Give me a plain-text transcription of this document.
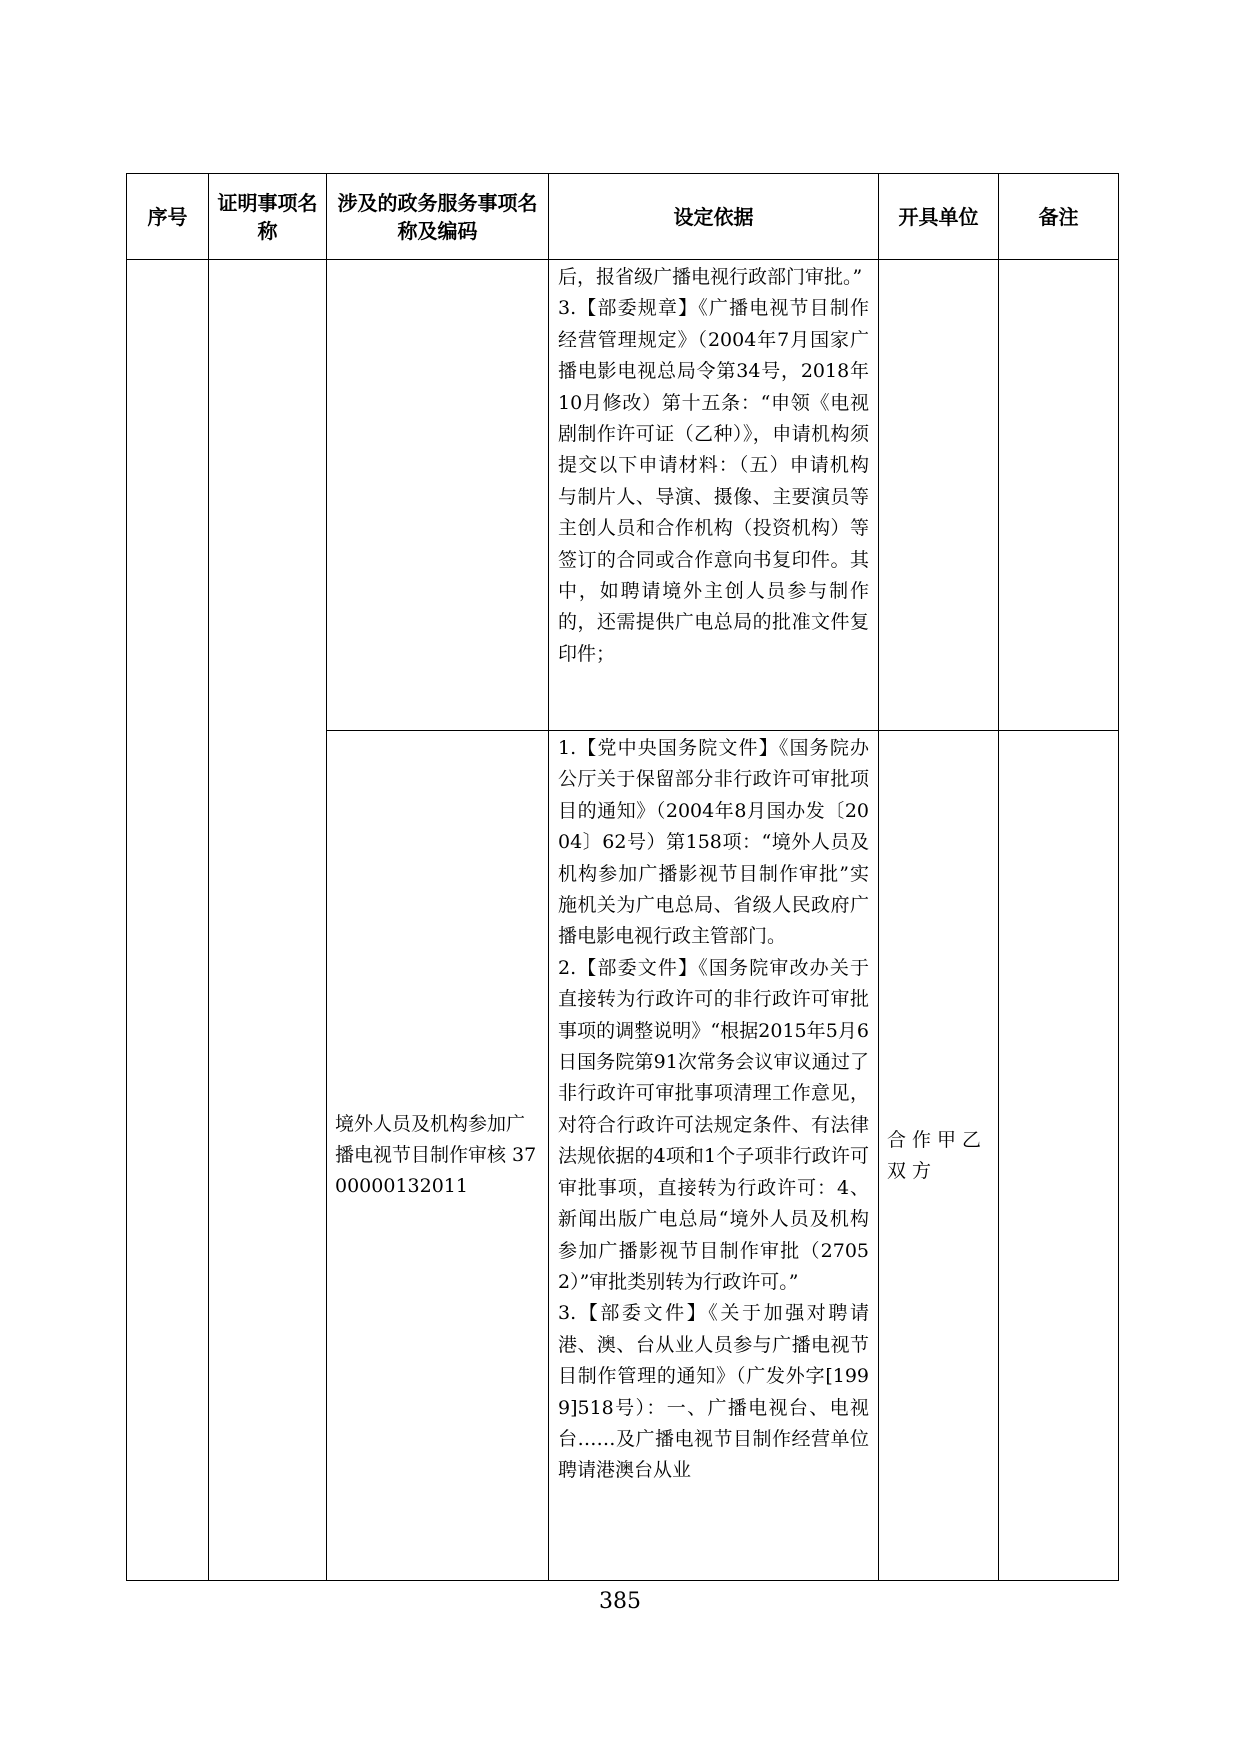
序号	证明事项名称	涉及的政务服务事项名称及编码	设定依据	开具单位	备注

			后，报省级广播电视行政部门审批。”
3.【部委规章】《广播电视节目制作经营管理规定》（2004年7月国家广播电影电视总局令第34号，2018年10月修改）第十五条：“申领《电视剧制作许可证（乙种）》，申请机构须提交以下申请材料：（五）申请机构与制片人、导演、摄像、主要演员等主创人员和合作机构（投资机构）等签订的合同或合作意向书复印件。其中，如聘请境外主创人员参与制作的，还需提供广电总局的批准文件复印件；		
		境外人员及机构参加广播电视节目制作审核 3700000132011	1.【党中央国务院文件】《国务院办公厅关于保留部分非行政许可审批项目的通知》（2004年8月国办发〔2004〕62号）第158项：“境外人员及机构参加广播影视节目制作审批”实施机关为广电总局、省级人民政府广播电影电视行政主管部门。
2.【部委文件】《国务院审改办关于直接转为行政许可的非行政许可审批事项的调整说明》“根据2015年5月6日国务院第91次常务会议审议通过了非行政许可审批事项清理工作意见，对符合行政许可法规定条件、有法律法规依据的4项和1个子项非行政许可审批事项，直接转为行政许可：4、新闻出版广电总局“境外人员及机构参加广播影视节目制作审批（27052）”审批类别转为行政许可。”
3.【部委文件】《关于加强对聘请港、澳、台从业人员参与广播电视节目制作管理的通知》（广发外字[1999]518号）：一、广播电视台、电视台……及广播电视节目制作经营单位聘请港澳台从业	合作甲乙双方	
385
